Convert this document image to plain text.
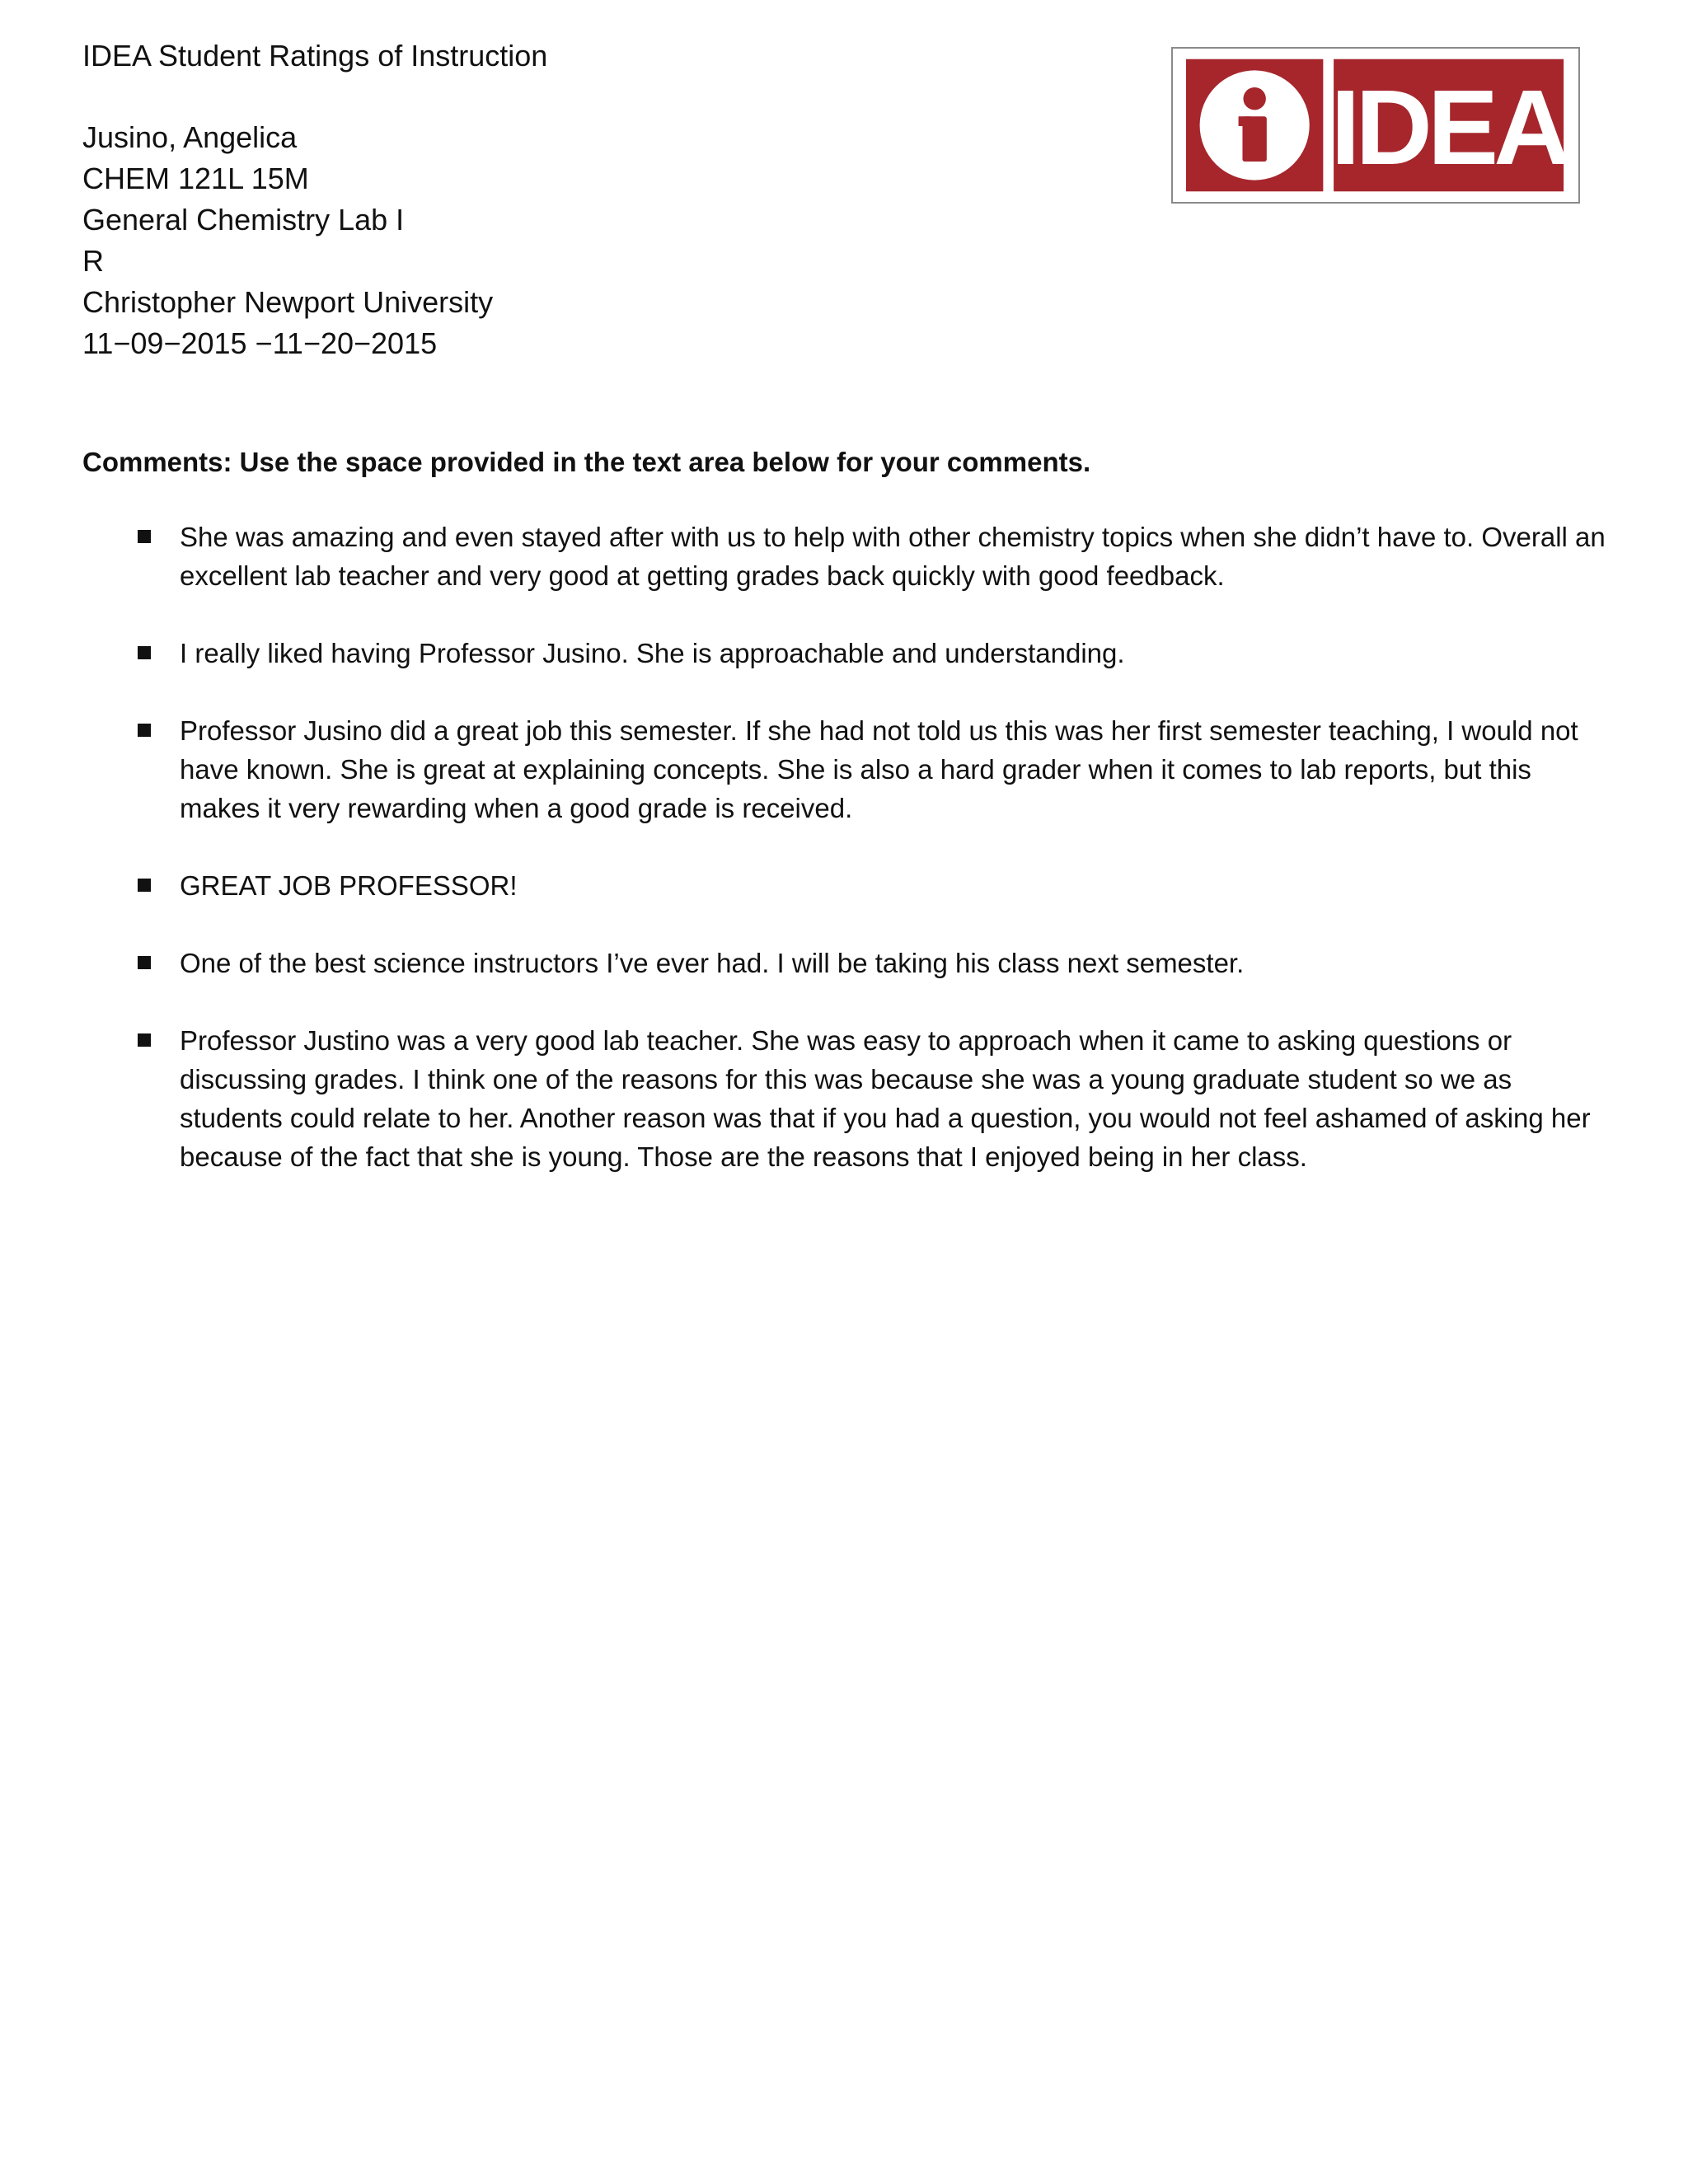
IDEA Student Ratings of Instruction
Jusino, Angelica
CHEM 121L 15M
General Chemistry Lab I
R
Christopher Newport University
11−09−2015 −11−20−2015
IDEA
Comments: Use the space provided in the text area below for your comments.
She was amazing and even stayed after with us to help with other chemistry topics when she didn’t have to. Overall an excellent lab teacher and very good at getting grades back quickly with good feedback.
I really liked having Professor Jusino. She is approachable and understanding.
Professor Jusino did a great job this semester. If she had not told us this was her first semester teaching, I would not have known. She is great at explaining concepts. She is also a hard grader when it comes to lab reports, but this makes it very rewarding when a good grade is received.
GREAT JOB PROFESSOR!
One of the best science instructors I’ve ever had. I will be taking his class next semester.
Professor Justino was a very good lab teacher. She was easy to approach when it came to asking questions or discussing grades. I think one of the reasons for this was because she was a young graduate student so we as students could relate to her. Another reason was that if you had a question, you would not feel ashamed of asking her because of the fact that she is young. Those are the reasons that I enjoyed being in her class.
